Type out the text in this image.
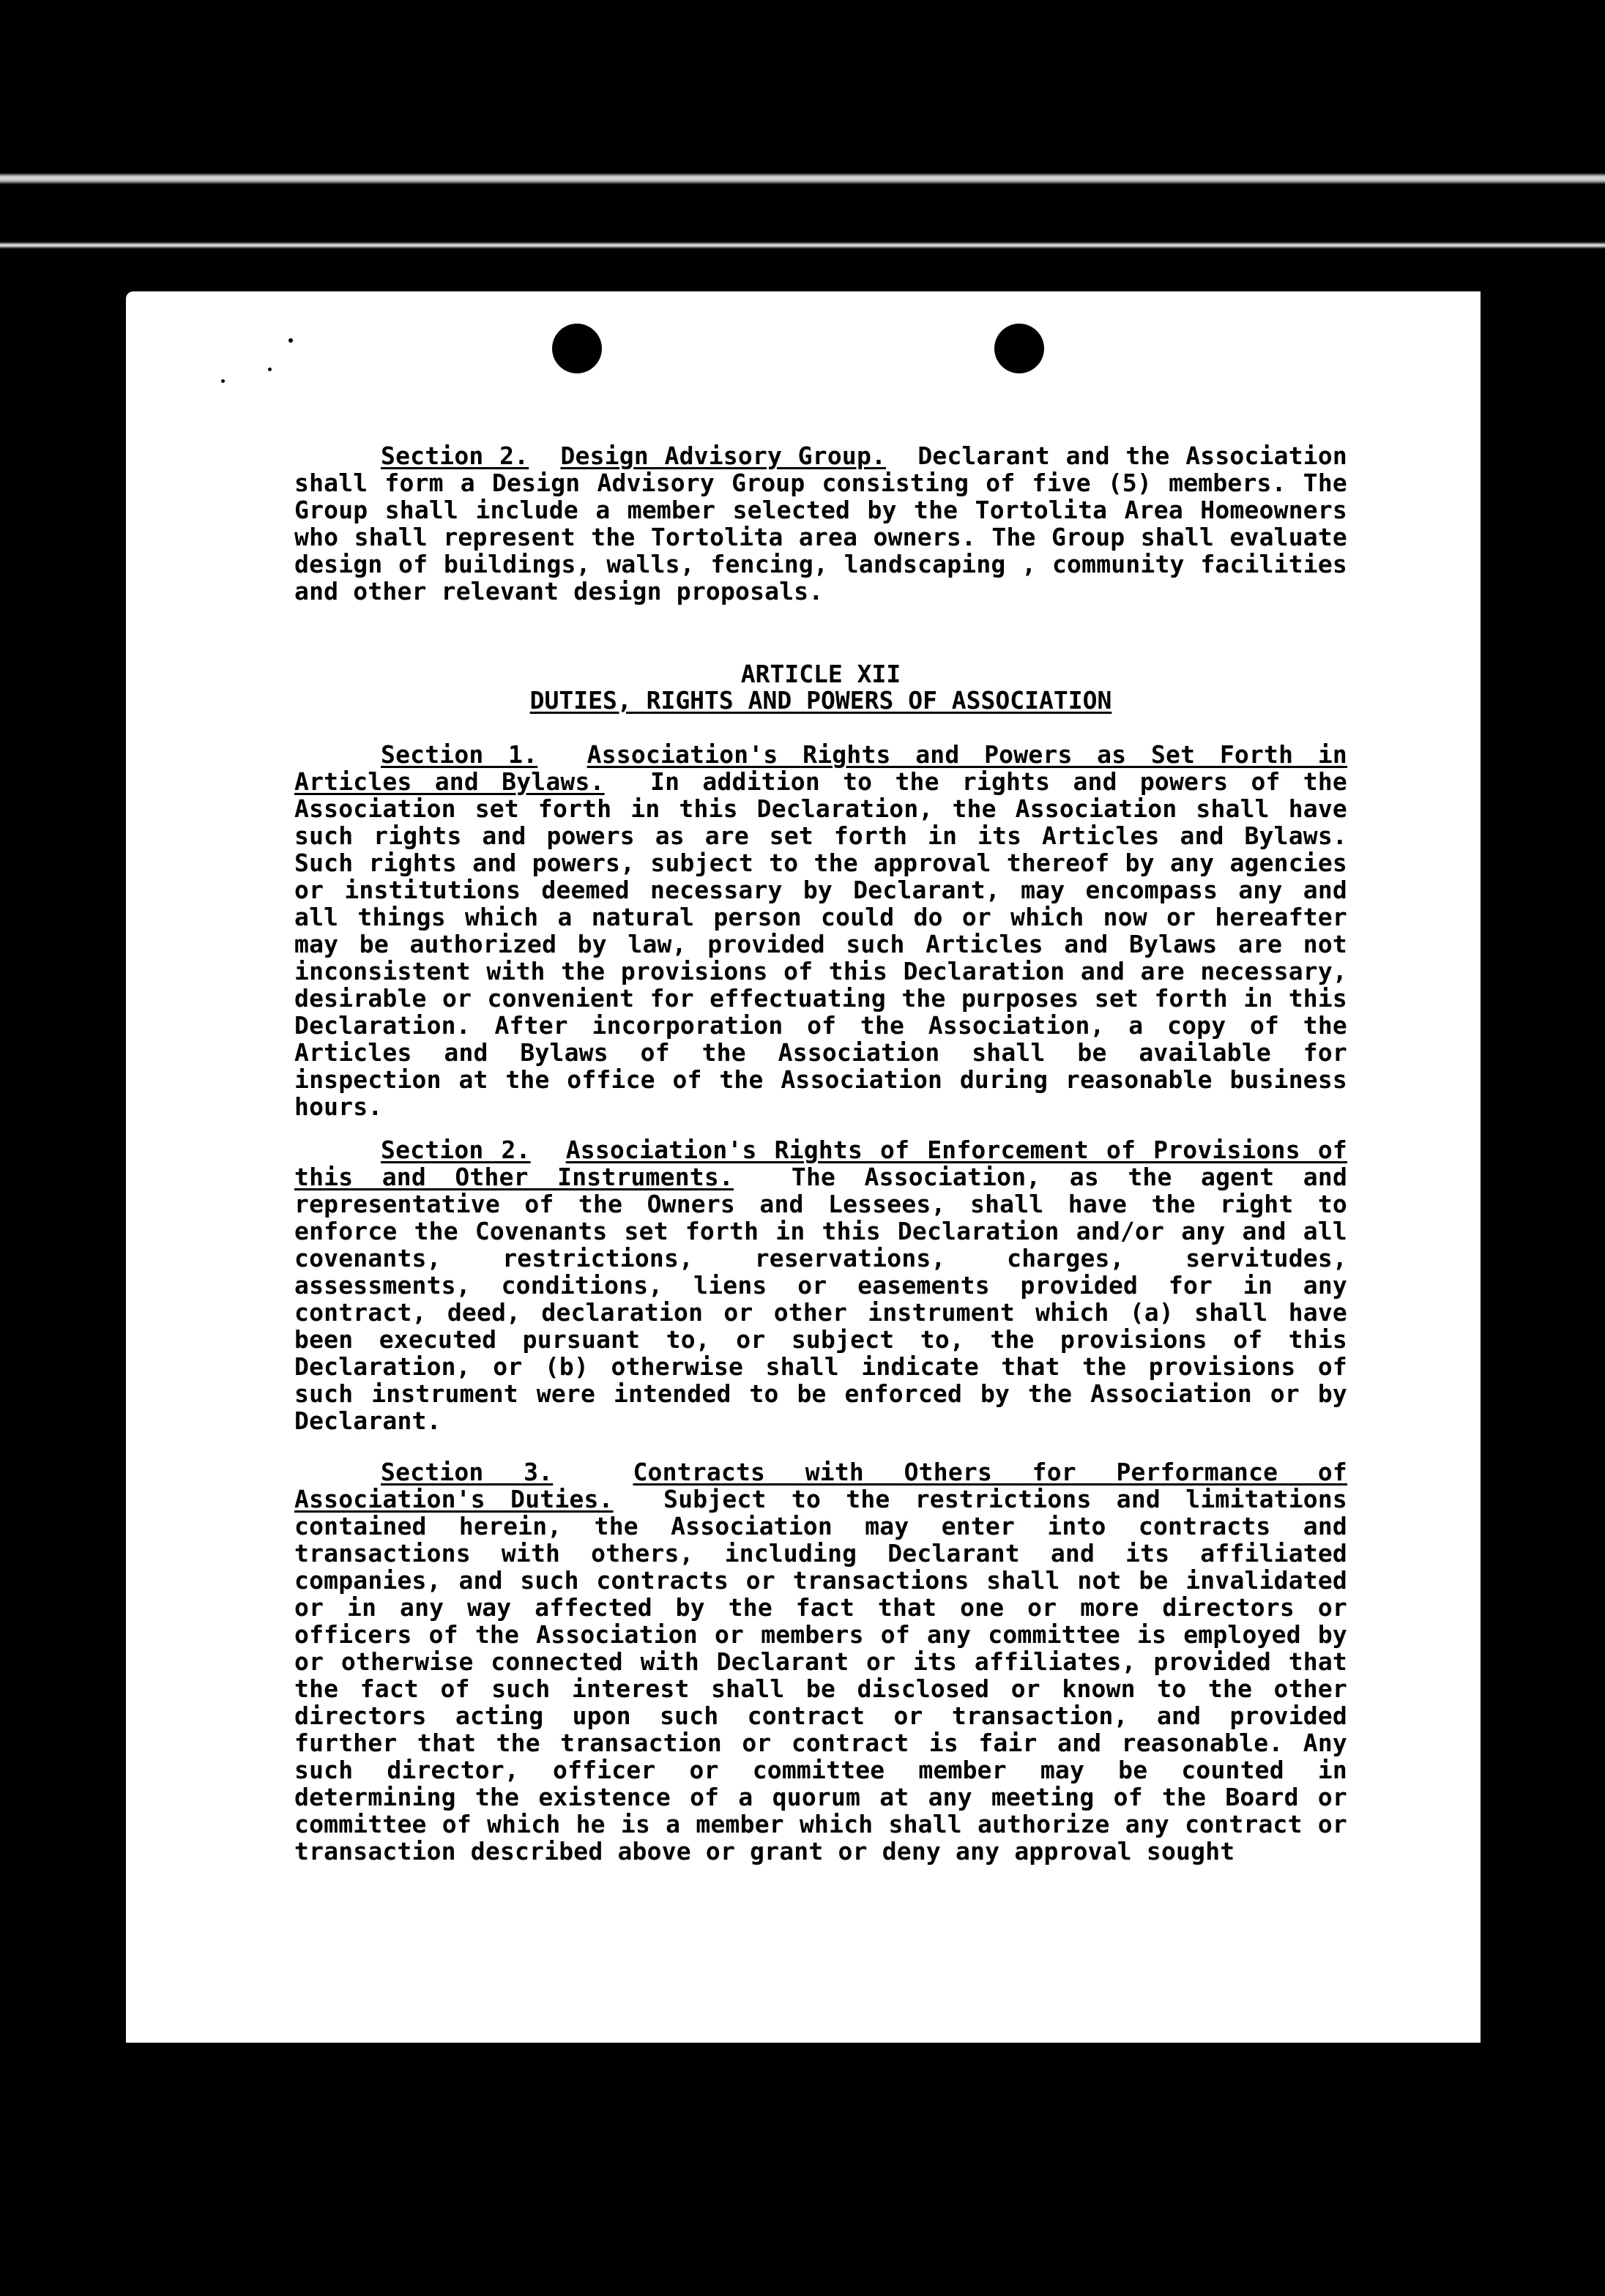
Section 2. Design Advisory Group. Declarant and the Association shall form a Design Advisory Group consisting of five (5) members. The Group shall include a member selected by the Tortolita Area Homeowners who shall represent the Tortolita area owners. The Group shall evaluate design of buildings, walls, fencing, landscaping , community facilities and other relevant design proposals.
ARTICLE XII
DUTIES, RIGHTS AND POWERS OF ASSOCIATION
Section 1. Association's Rights and Powers as Set Forth in Articles and Bylaws. In addition to the rights and powers of the Association set forth in this Declaration, the Association shall have such rights and powers as are set forth in its Articles and Bylaws. Such rights and powers, subject to the approval thereof by any agencies or institutions deemed necessary by Declarant, may encompass any and all things which a natural person could do or which now or hereafter may be authorized by law, provided such Articles and Bylaws are not inconsistent with the provisions of this Declaration and are necessary, desirable or convenient for effectuating the purposes set forth in this Declaration. After incorporation of the Association, a copy of the Articles and Bylaws of the Association shall be available for inspection at the office of the Association during reasonable business hours.
Section 2. Association's Rights of Enforcement of Provisions of this and Other Instruments. The Association, as the agent and representative of the Owners and Lessees, shall have the right to enforce the Covenants set forth in this Declaration and/or any and all covenants, restrictions, reservations, charges, servitudes, assessments, conditions, liens or easements provided for in any contract, deed, declaration or other instrument which (a) shall have been executed pursuant to, or subject to, the provisions of this Declaration, or (b) otherwise shall indicate that the provisions of such instrument were intended to be enforced by the Association or by Declarant.
Section 3.	Contracts with Others for Performance of Association's Duties. Subject to the restrictions and limitations contained herein, the Association may enter into contracts and transactions with others, including Declarant and its affiliated companies, and such contracts or transactions shall not be invalidated or in any way affected by the fact that one or more directors or officers of the Association or members of any committee is employed by or otherwise connected with Declarant or its affiliates, provided that the fact of such interest shall be disclosed or known to the other directors acting upon such contract or transaction, and provided further that the transaction or contract is fair and reasonable. Any such director, officer or committee member may be counted in determining the existence of a quorum at any meeting of the Board or committee of which he is a member which shall authorize any contract or transaction described above or grant or deny any approval sought
7829 556	-33-	7738 854
